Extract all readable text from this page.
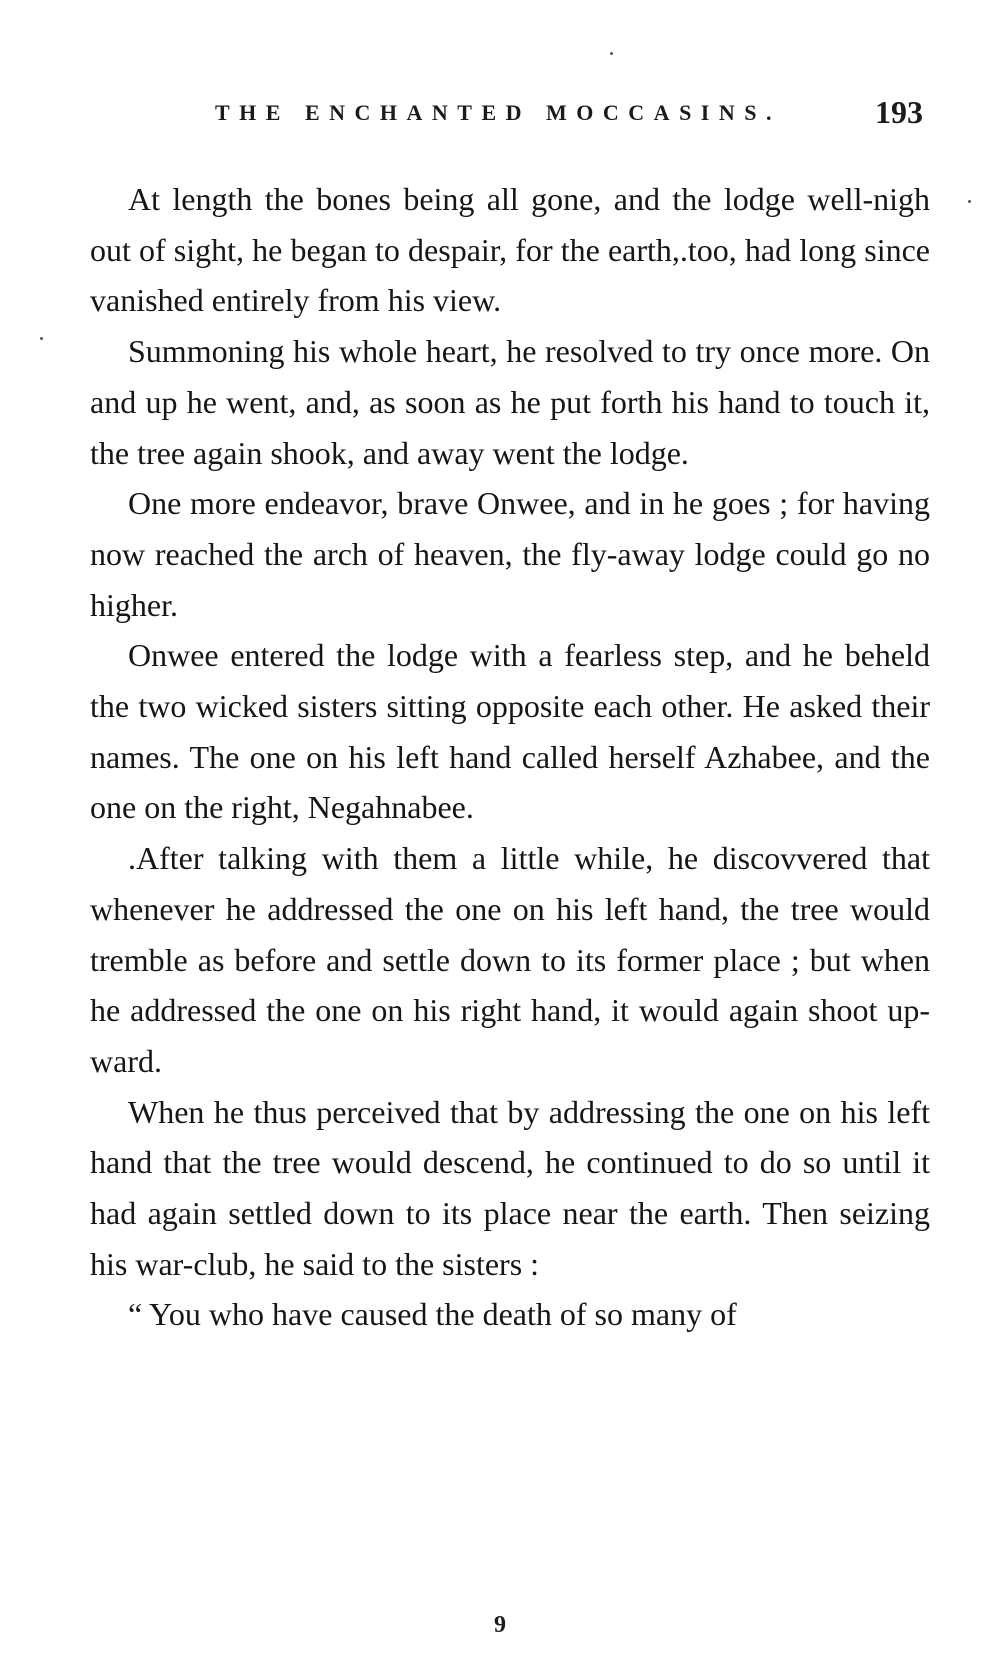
THE ENCHANTED MOCCASINS.	193

At length the bones being all gone, and the lodge well-nigh out of sight, he began to despair, for the earth,.too, had long since vanished entirely from his view.

Summoning his whole heart, he resolved to try once more. On and up he went, and, as soon as he put forth his hand to touch it, the tree again shook, and away went the lodge.

One more endeavor, brave Onwee, and in he goes ; for having now reached the arch of heaven, the fly-away lodge could go no higher.

Onwee entered the lodge with a fearless step, and he beheld the two wicked sisters sitting opposite each other. He asked their names. The one on his left hand called herself Azhabee, and the one on the right, Negahnabee.

.After talking with them a little while, he discovvered that whenever he addressed the one on his left hand, the tree would tremble as before and settle down to its former place ; but when he addressed the one on his right hand, it would again shoot upward.

When he thus perceived that by addressing the one on his left hand that the tree would descend, he continued to do so until it had again settled down to its place near the earth. Then seizing his war-club, he said to the sisters :

“ You who have caused the death of so many of

9
